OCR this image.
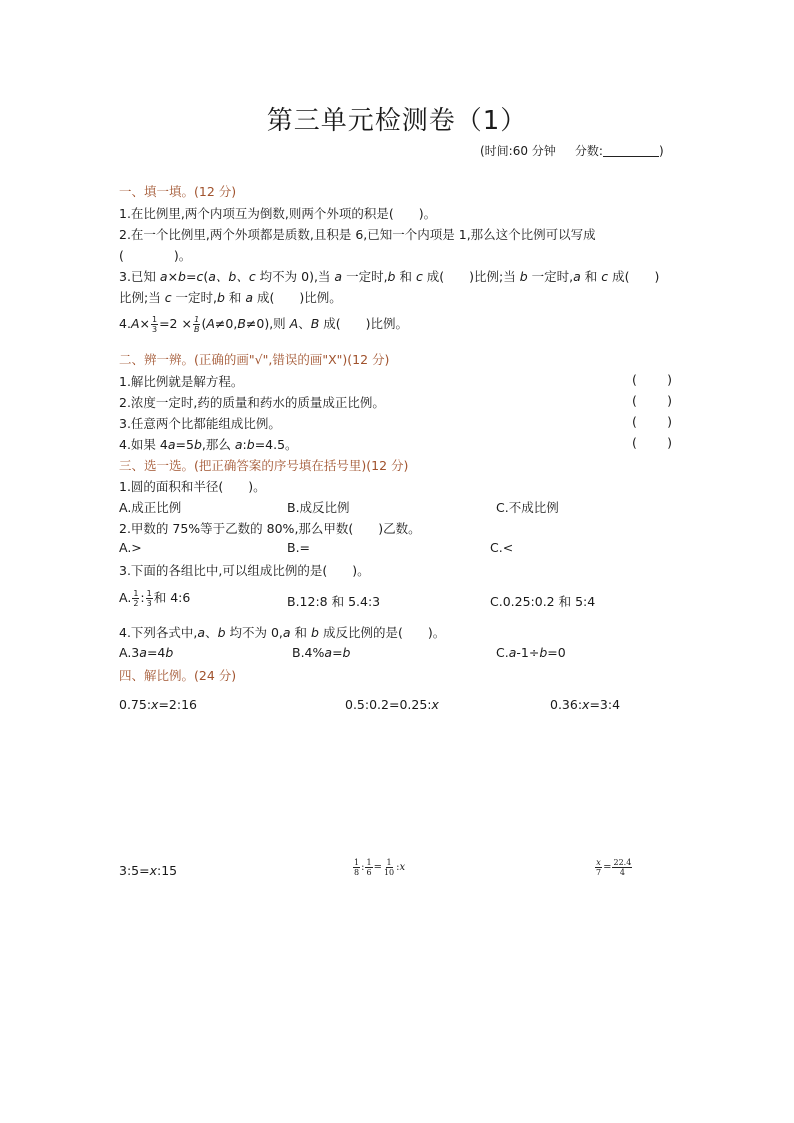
第三单元检测卷（1）
(时间:60 分钟 分数:	)
一、填一填。(12 分)
1.在比例里,两个内项互为倒数,则两个外项的积是(　　)。
2.在一个比例里,两个外项都是质数,且积是 6,已知一个内项是 1,那么这个比例可以写成
(　　　　)。
3.已知 a×b=c(a、b、c 均不为 0),当 a 一定时,b 和 c 成(　　)比例;当 b 一定时,a 和 c 成(　　)
比例;当 c 一定时,b 和 a 成(　　)比例。
$4.A\times \frac{1}{3} =2 \times \frac{1}{B} (A\ne 0,B\ne 0)$,则 A、B 成(　　)比例。
二、辨一辨。(正确的画"√",错误的画"X")(12 分)
1.解比例就是解方程。	( )
2.浓度一定时,药的质量和药水的质量成正比例。	( )
3.任意两个比都能组成比例。	( )
4.如果 4a=5b,那么 a:b=4.5。	( )
三、选一选。(把正确答案的序号填在括号里)(12 分)
1.圆的面积和半径(　　)。
A.成正比例	B.成反比例	C.不成比例
2.甲数的 75%等于乙数的 80%,那么甲数(　　)乙数。
A.>	B.=	C.<
3.下面的各组比中,可以组成比例的是(　　)。
A. $\frac{1}{2}$ : $\frac{1}{3}$ 和 4:6	B.12:8 和 5.4:3	C.0.25:0.2 和 5:4
4.下列各式中,a、b 均不为 0,a 和 b 成反比例的是(　　)。
A.3a=4b	B.4%a=b	C.a-1÷b=0
四、解比例。(24 分)
0.75:x=2:16	0.5:0.2=0.25:x	0.36:x=3:4
3:5=x:15	$\frac{1}{8}$ : $\frac{1}{6} = \frac{1}{10}$ :x	$\frac{x}{7} = \frac{22.4}{4}$
